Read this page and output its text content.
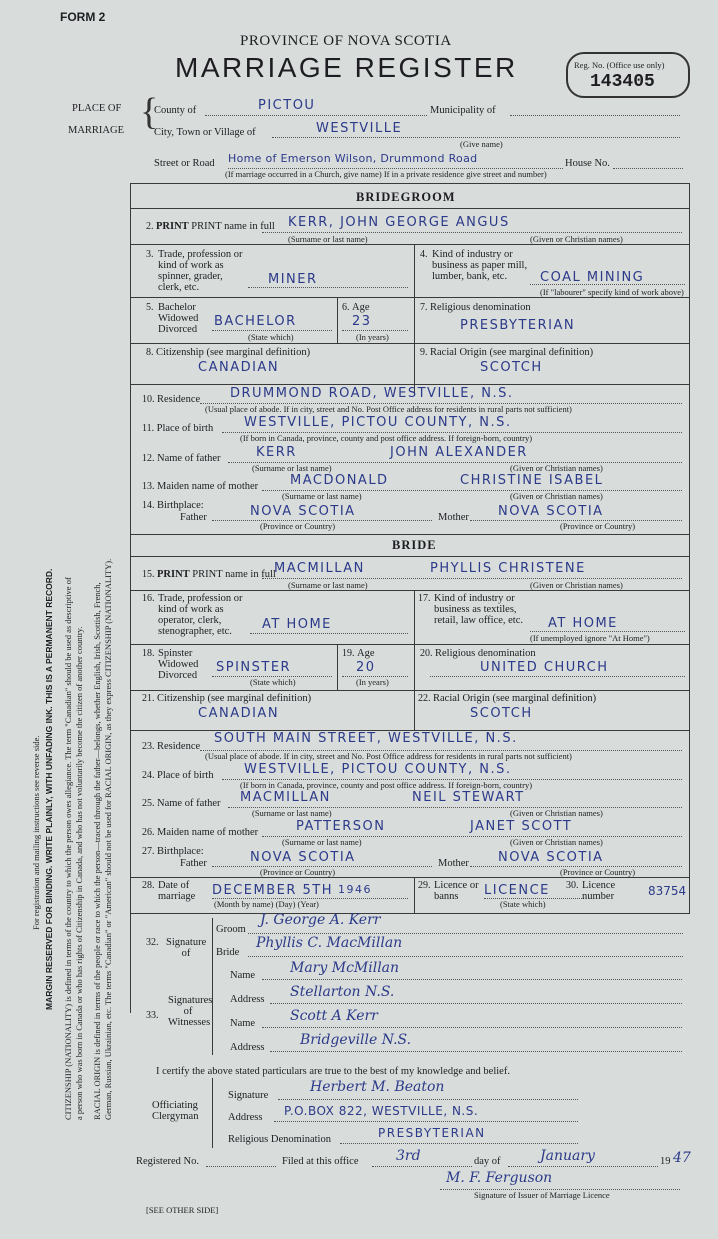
FORM 2
PROVINCE OF NOVA SCOTIA
MARRIAGE REGISTER	Reg. No. (Office use only)
143405
For registration and mailing instructions see reverse side. MARGIN RESERVED FOR BINDING. WRITE PLAINLY, WITH UNFADING INK. THIS IS A PERMANENT RECORD. CITIZENSHIP (NATIONALITY) is defined in terms of the country to which the person owes allegiance. The term "Canadian" should be used as descriptive of a person who was born in Canada or who has rights of Citizenship in Canada, and who has not voluntarily become the citizen of another country. RACIAL ORIGIN is defined in terms of the people or race to which the person—traced through the father—belongs, whether English, Irish, Scottish, French, German, Russian, Ukrainian, etc. The terms "Canadian" or "American" should not be used for RACIAL ORIGIN, as they express CITIZENSHIP (NATIONALITY).
PLACE OF
MARRIAGE {
County of	PICTOU	Municipality of
City, Town or Village of	WESTVILLE
(Give name)
Street or Road Home of Emerson Wilson, Drummond Road	House No.
(If marriage occurred in a Church, give name) If in a private residence give street and number)
BRIDEGROOM
2. PRINT PRINT name in full KERR, JOHN GEORGE ANGUS
(Surname or last name)	(Given or Christian names)
3. Trade, profession or kind of work as spinner, grader, clerk, etc.
MINER
4. Kind of industry or business as paper mill, lumber, bank, etc.	COAL MINING
(If "labourer" specify kind of work above)
5. Bachelor Widowed Divorced
BACHELOR
(State which)
6. Age
23
(In years)
7. Religious denomination
PRESBYTERIAN
8. Citizenship (see marginal definition)
CANADIAN
9. Racial Origin (see marginal definition)
SCOTCH
10. Residence DRUMMOND ROAD, WESTVILLE, N.S.
(Usual place of abode. If in city, street and No. Post Office address for residents in rural parts not sufficient)
11. Place of birth WESTVILLE, PICTOU COUNTY, N.S.
(If born in Canada, province, county and post office address. If foreign-born, country)
12. Name of father	KERR	JOHN ALEXANDER
(Surname or last name)	(Given or Christian names)
13. Maiden name of mother MACDONALD	CHRISTINE ISABEL
(Surname or last name)	(Given or Christian names)
14. Birthplace:
Father	NOVA SCOTIA
(Province or Country)
Mother NOVA SCOTIA
(Province or Country)
BRIDE
15. PRINT PRINT name in full
MACMILLAN	PHYLLIS CHRISTENE
(Surname or last name)	(Given or Christian names)
16. Trade, profession or kind of work as operator, clerk, stenographer, etc.	AT HOME
17. Kind of industry or business as textiles, retail, law office, etc.	AT HOME
(If unemployed ignore "At Home")
18. Spinster Widowed Divorced
SPINSTER
(State which)
19. Age
20
(In years)
20. Religious denomination
UNITED CHURCH
21. Citizenship (see marginal definition)
CANADIAN
22. Racial Origin (see marginal definition)
SCOTCH
23. Residence
SOUTH MAIN STREET, WESTVILLE, N.S.
(Usual place of abode. If in city, street and No. Post Office address for residents in rural parts not sufficient)
24. Place of birth WESTVILLE, PICTOU COUNTY, N.S.
(If born in Canada, province, county and post office address. If foreign-born, country)
25. Name of father MACMILLAN	NEIL STEWART
(Surname or last name)	(Given or Christian names)
26. Maiden name of mother	PATTERSON	JANET SCOTT
(Surname or last name)	(Given or Christian names)
27. Birthplace:
Father	NOVA SCOTIA
(Province or Country)
Mother NOVA SCOTIA
(Province or Country)
28. Date of marriage	DECEMBER 5TH 1946
(Month by name) (Day) (Year)
29. Licence or banns	LICENCE
(State which)
30. Licence number	83754
32. Signature of
Groom
J. George A. Kerr
Bride
Phyllis C. MacMillan
33.
Signatures of Witnesses
Name Mary McMillan
Address Stellarton N.S.
Name Scott A Kerr
Address	Bridgeville N.S.
I certify the above stated particulars are true to the best of my knowledge and belief.
Officiating Clergyman
Signature
Herbert M. Beaton
Address P.O.BOX 822, WESTVILLE, N.S.
Religious Denomination	PRESBYTERIAN
Registered No.	Filed at this office	3rd	day of	January	19 47
M. F. Ferguson
Signature of Issuer of Marriage Licence
[SEE OTHER SIDE]
